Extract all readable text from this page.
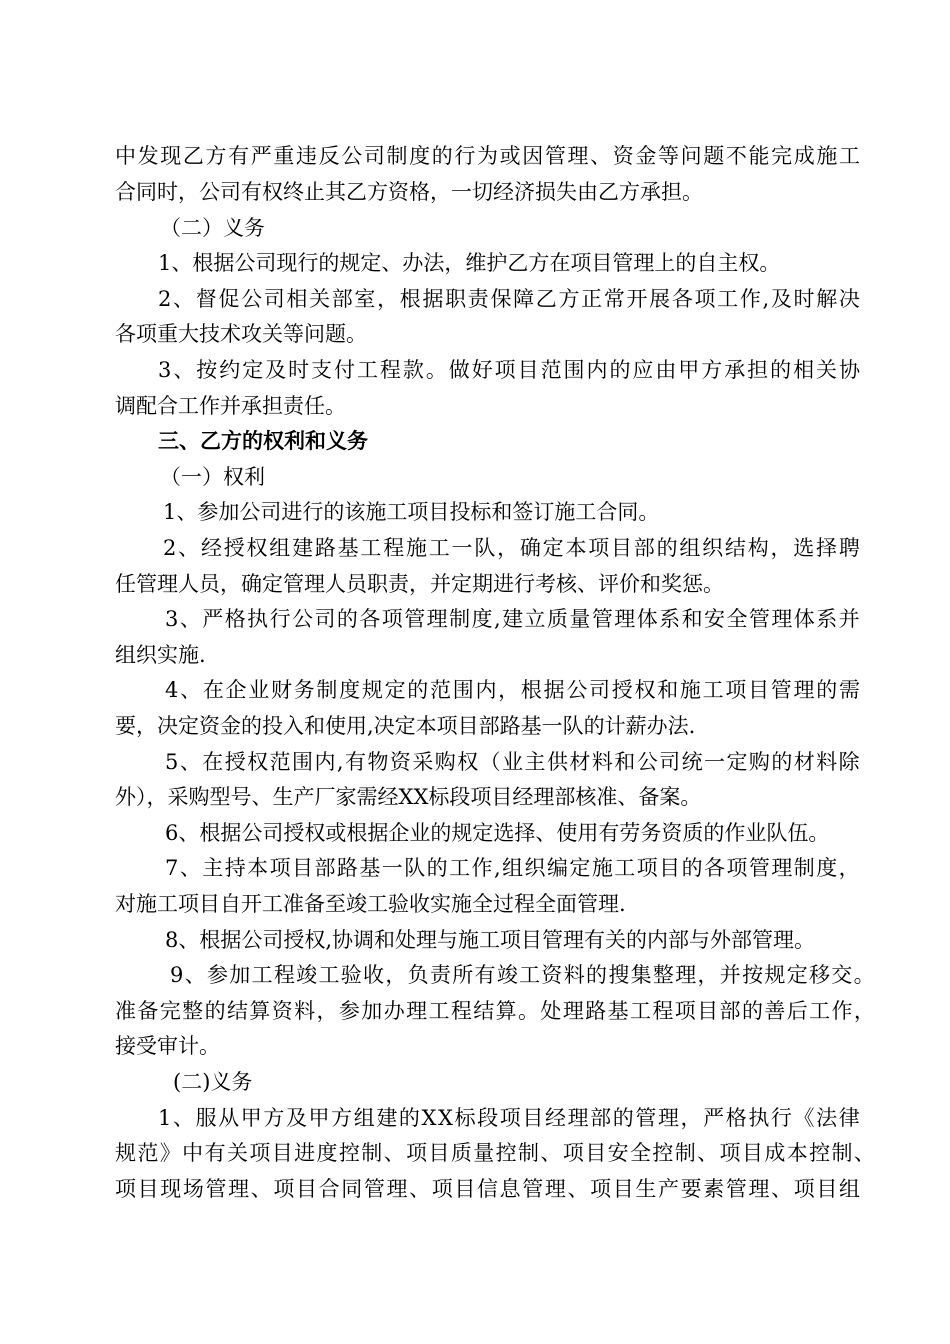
中 发 现 乙 方 有 严 重 违 反 公 司 制 度 的 行 为 或 因 管 理 、 资 金 等 问 题 不 能 完 成 施 工
合同时，公司有权终止其乙方资格，一切经济损失由乙方承担。
（二）义务
1、根据公司现行的规定、办法，维护乙方在项目管理上的自主权。
2 、 督 促 公 司 相 关 部 室 ， 根 据 职 责 保 障 乙 方 正 常 开 展 各 项 工 作 , 及 时 解 决
各项重大技术攻关等问题。
3 、 按 约 定 及 时 支 付 工 程 款 。 做 好 项 目 范 围 内 的 应 由 甲 方 承 担 的 相 关 协
调配合工作并承担责任。
三、乙方的权利和义务
（一）权利
1、参加公司进行的该施工项目投标和签订施工合同。
2 、 经 授 权 组 建 路 基 工 程 施 工 一 队 ， 确 定 本 项 目 部 的 组 织 结 构 ， 选 择 聘
任管理人员，确定管理人员职责，并定期进行考核、评价和奖惩。
3 、 严 格 执 行 公 司 的 各 项 管 理 制 度 , 建 立 质 量 管 理 体 系 和 安 全 管 理 体 系 并
组织实施.
4 、 在 企 业 财 务 制 度 规 定 的 范 围 内 ， 根 据 公 司 授 权 和 施 工 项 目 管 理 的 需
要，决定资金的投入和使用,决定本项目部路基一队的计薪办法.
5 、 在 授 权 范 围 内 , 有 物 资 采 购 权 （ 业 主 供 材 料 和 公 司 统 一 定 购 的 材 料 除
外），采购型号、生产厂家需经XX标段项目经理部核准、备案。
6、根据公司授权或根据企业的规定选择、使用有劳务资质的作业队伍。
7 、 主 持 本 项 目 部 路 基 一 队 的 工 作 , 组 织 编 定 施 工 项 目 的 各 项 管 理 制 度 ，
对施工项目自开工准备至竣工验收实施全过程全面管理.
8、根据公司授权,协调和处理与施工项目管理有关的内部与外部管理。
9 、 参 加 工 程 竣 工 验 收 ， 负 责 所 有 竣 工 资 料 的 搜 集 整 理 ， 并 按 规 定 移 交 。
准 备 完 整 的 结 算 资 料 ， 参 加 办 理 工 程 结 算 。 处 理 路 基 工 程 项 目 部 的 善 后 工 作 ，
接受审计。
(二)义务
1 、 服 从 甲 方 及 甲 方 组 建 的 X X 标 段 项 目 经 理 部 的 管 理 ， 严 格 执 行 《 法 律
规 范 》 中 有 关 项 目 进 度 控 制 、 项 目 质 量 控 制 、 项 目 安 全 控 制 、 项 目 成 本 控 制 、
项 目 现 场 管 理 、 项 目 合 同 管 理 、 项 目 信 息 管 理 、 项 目 生 产 要 素 管 理 、 项 目 组
